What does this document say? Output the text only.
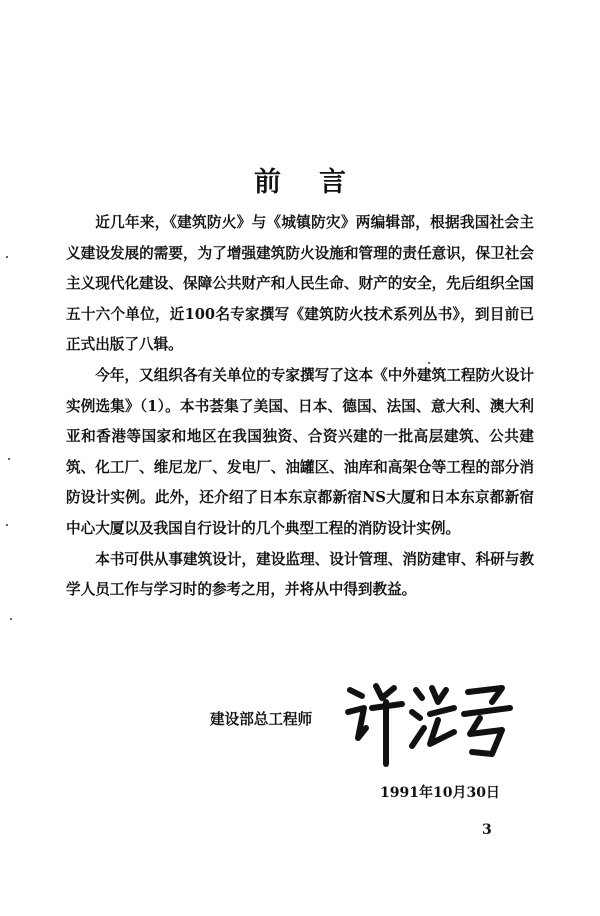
前言

近几年来，《建筑防火》与《城镇防灾》两编辑部，根据我国社会主义建设发展的需要，为了增强建筑防火设施和管理的责任意识，保卫社会主义现代化建设、保障公共财产和人民生命、财产的安全，先后组织全国五十六个单位，近100名专家撰写《建筑防火技术系列丛书》，到目前已正式出版了八辑。

今年，又组织各有关单位的专家撰写了这本《中外建筑工程防火设计实例选集》（1）。本书荟集了美国、日本、德国、法国、意大利、澳大利亚和香港等国家和地区在我国独资、合资兴建的一批高层建筑、公共建筑、化工厂、维尼龙厂、发电厂、油罐区、油库和高架仓等工程的部分消防设计实例。此外，还介绍了日本东京都新宿NS大厦和日本东京都新宿中心大厦以及我国自行设计的几个典型工程的消防设计实例。

本书可供从事建筑设计，建设监理、设计管理、消防建审、科研与教学人员工作与学习时的参考之用，并将从中得到教益。

建设部总工程师
1991年10月30日
3
